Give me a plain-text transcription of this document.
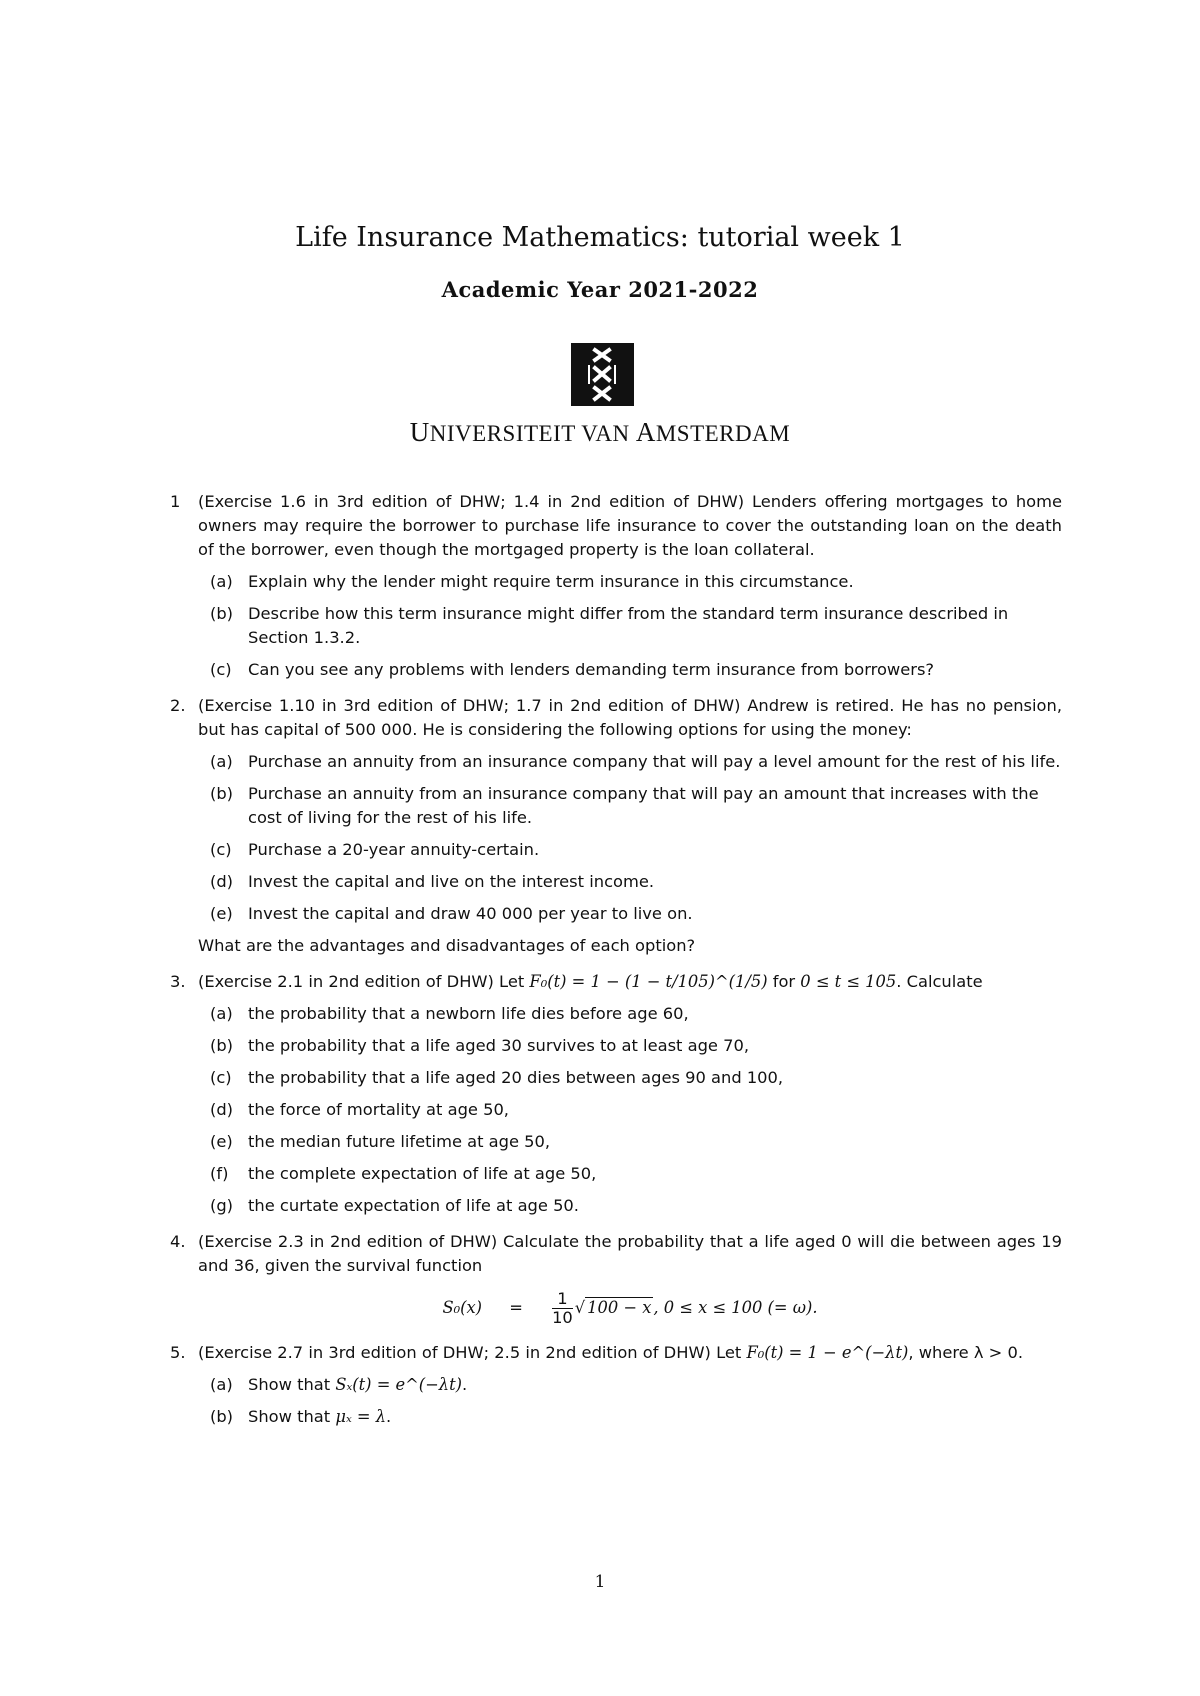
Life Insurance Mathematics: tutorial week 1
Academic Year 2021-2022
UNIVERSITEIT VAN AMSTERDAM
1 (Exercise 1.6 in 3rd edition of DHW; 1.4 in 2nd edition of DHW) Lenders offering mortgages to home owners may require the borrower to purchase life insurance to cover the outstanding loan on the death of the borrower, even though the mortgaged property is the loan collateral.
(a) Explain why the lender might require term insurance in this circumstance.
(b) Describe how this term insurance might differ from the standard term insurance described in Section 1.3.2.
(c) Can you see any problems with lenders demanding term insurance from borrowers?
2. (Exercise 1.10 in 3rd edition of DHW; 1.7 in 2nd edition of DHW) Andrew is retired. He has no pension, but has capital of 500 000. He is considering the following options for using the money:
(a) Purchase an annuity from an insurance company that will pay a level amount for the rest of his life.
(b) Purchase an annuity from an insurance company that will pay an amount that increases with the cost of living for the rest of his life.
(c) Purchase a 20-year annuity-certain.
(d) Invest the capital and live on the interest income.
(e) Invest the capital and draw 40 000 per year to live on.
What are the advantages and disadvantages of each option?
3. (Exercise 2.1 in 2nd edition of DHW) Let F₀(t) = 1 − (1 − t/105)^(1/5) for 0 ≤ t ≤ 105. Calculate
(a) the probability that a newborn life dies before age 60,
(b) the probability that a life aged 30 survives to at least age 70,
(c) the probability that a life aged 20 dies between ages 90 and 100,
(d) the force of mortality at age 50,
(e) the median future lifetime at age 50,
(f) the complete expectation of life at age 50,
(g) the curtate expectation of life at age 50.
4. (Exercise 2.3 in 2nd edition of DHW) Calculate the probability that a life aged 0 will die between ages 19 and 36, given the survival function
$S_0(x) = \frac{1}{10}$ √ 100 − x , 0 ≤ x ≤ 100 (= ω).
5. (Exercise 2.7 in 3rd edition of DHW; 2.5 in 2nd edition of DHW) Let F₀(t) = 1 − e^(−λt), where λ > 0.
(a) Show that Sₓ(t) = e^(−λt).
(b) Show that μₓ = λ.
1
